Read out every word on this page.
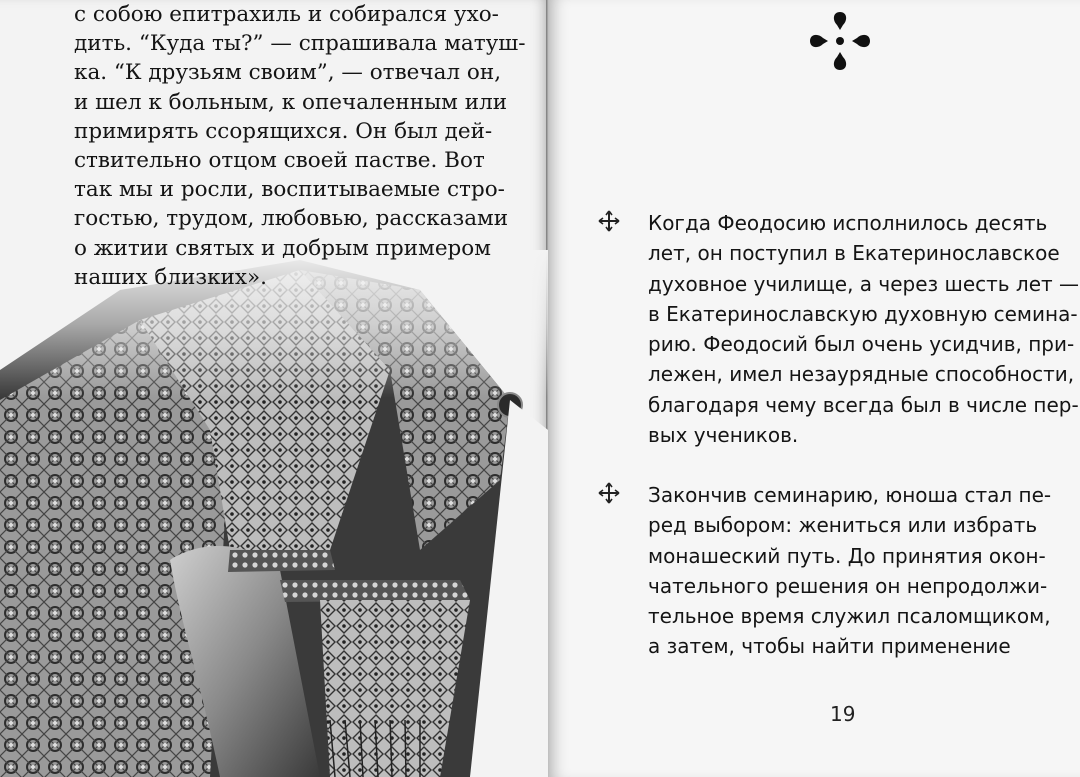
с собою епитрахиль и собирался ухо-
дить. “Куда ты?” — спрашивала матуш-
ка. “К друзьям своим”, — отвечал он,
и шел к больным, к опечаленным или
примирять ссорящихся. Он был дей-
ствительно отцом своей пастве. Вот
так мы и росли, воспитываемые стро-
гостью, трудом, любовью, рассказами
о житии святых и добрым примером
наших близких».
Когда Феодосию исполнилось десять
лет, он поступил в Екатеринославское
духовное училище, а через шесть лет —
в Екатеринославскую духовную семина-
рию. Феодосий был очень усидчив, при-
лежен, имел незаурядные способности,
благодаря чему всегда был в числе пер-
вых учеников.
Закончив семинарию, юноша стал пе-
ред выбором: жениться или избрать
монашеский путь. До принятия окон-
чательного решения он непродолжи-
тельное время служил псаломщиком,
а затем, чтобы найти применение
19
